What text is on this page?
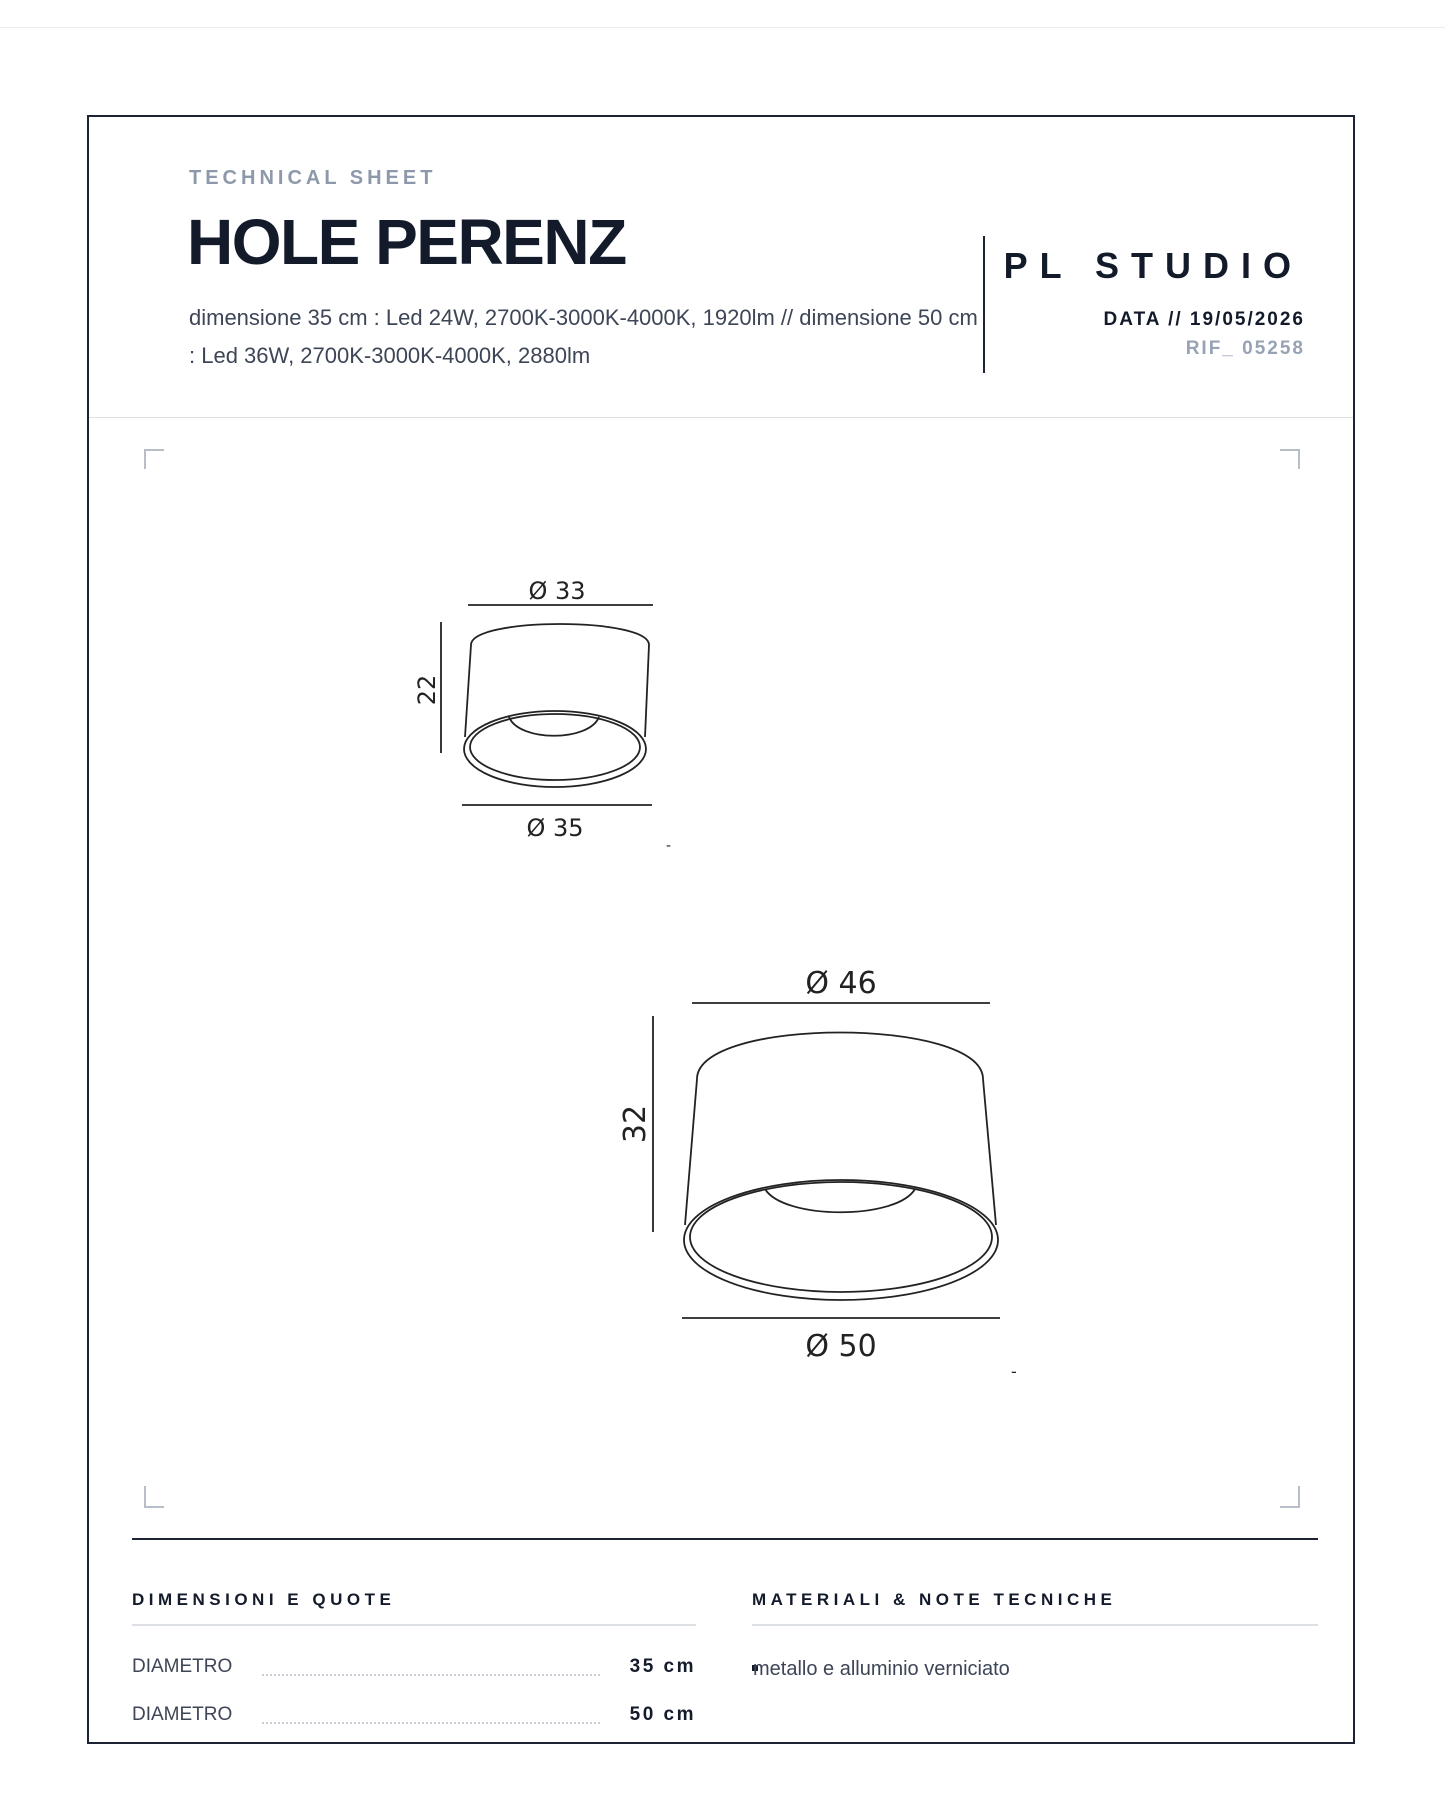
TECHNICAL SHEET
HOLE PERENZ
dimensione 35 cm : Led 24W, 2700K-3000K-4000K, 1920lm // dimensione 50 cm : Led 36W, 2700K-3000K-4000K, 2880lm
PL STUDIO
DATA // 19/05/2026
RIF_ 05258
Ø 33
22
Ø 35
-
Ø 46
32
Ø 50
-
DIMENSIONI E QUOTE
DIAMETRO	35 cm
DIAMETRO	50 cm
MATERIALI & NOTE TECNICHE
metallo e alluminio verniciato
